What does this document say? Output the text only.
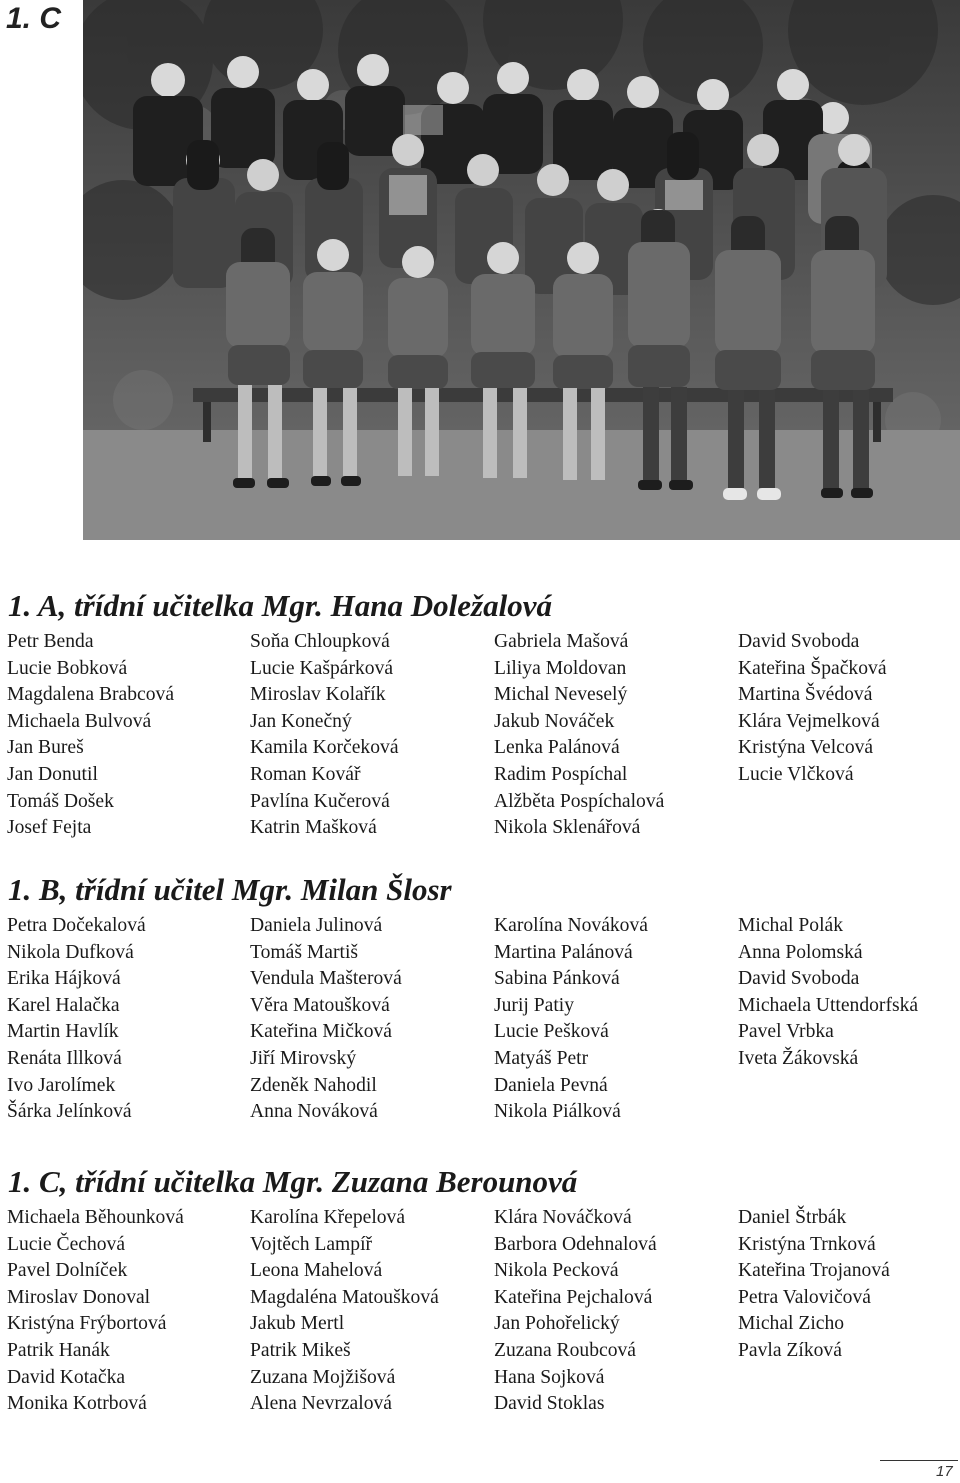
1. C
1. A, třídní učitelka Mgr. Hana Doležalová
Petr Benda
Lucie Bobková
Magdalena Brabcová
Michaela Bulvová
Jan Bureš
Jan Donutil
Tomáš Došek
Josef Fejta
Soňa Chloupková
Lucie Kašpárková
Miroslav Kolařík
Jan Konečný
Kamila Korčeková
Roman Kovář
Pavlína Kučerová
Katrin Mašková
Gabriela Mašová
Liliya Moldovan
Michal Neveselý
Jakub Nováček
Lenka Palánová
Radim Pospíchal
Alžběta Pospíchalová
Nikola Sklenářová
David Svoboda
Kateřina Špačková
Martina Švédová
Klára Vejmelková
Kristýna Velcová
Lucie Vlčková
1. B, třídní učitel Mgr. Milan Šlosr
Petra Dočekalová
Nikola Dufková
Erika Hájková
Karel Halačka
Martin Havlík
Renáta Illková
Ivo Jarolímek
Šárka Jelínková
Daniela Julinová
Tomáš Martiš
Vendula Mašterová
Věra Matoušková
Kateřina Mičková
Jiří Mirovský
Zdeněk Nahodil
Anna Nováková
Karolína Nováková
Martina Palánová
Sabina Pánková
Jurij Patiy
Lucie Pešková
Matyáš Petr
Daniela Pevná
Nikola Piálková
Michal Polák
Anna Polomská
David Svoboda
Michaela Uttendorfská
Pavel Vrbka
Iveta Žákovská
1. C, třídní učitelka Mgr. Zuzana Berounová
Michaela Běhounková
Lucie Čechová
Pavel Dolníček
Miroslav Donoval
Kristýna Frýbortová
Patrik Hanák
David Kotačka
Monika Kotrbová
Karolína Křepelová
Vojtěch Lampíř
Leona Mahelová
Magdaléna Matoušková
Jakub Mertl
Patrik Mikeš
Zuzana Mojžišová
Alena Nevrzalová
Klára Nováčková
Barbora Odehnalová
Nikola Pecková
Kateřina Pejchalová
Jan Pohořelický
Zuzana Roubcová
Hana Sojková
David Stoklas
Daniel Štrbák
Kristýna Trnková
Kateřina Trojanová
Petra Valovičová
Michal Zicho
Pavla Zíková
17
